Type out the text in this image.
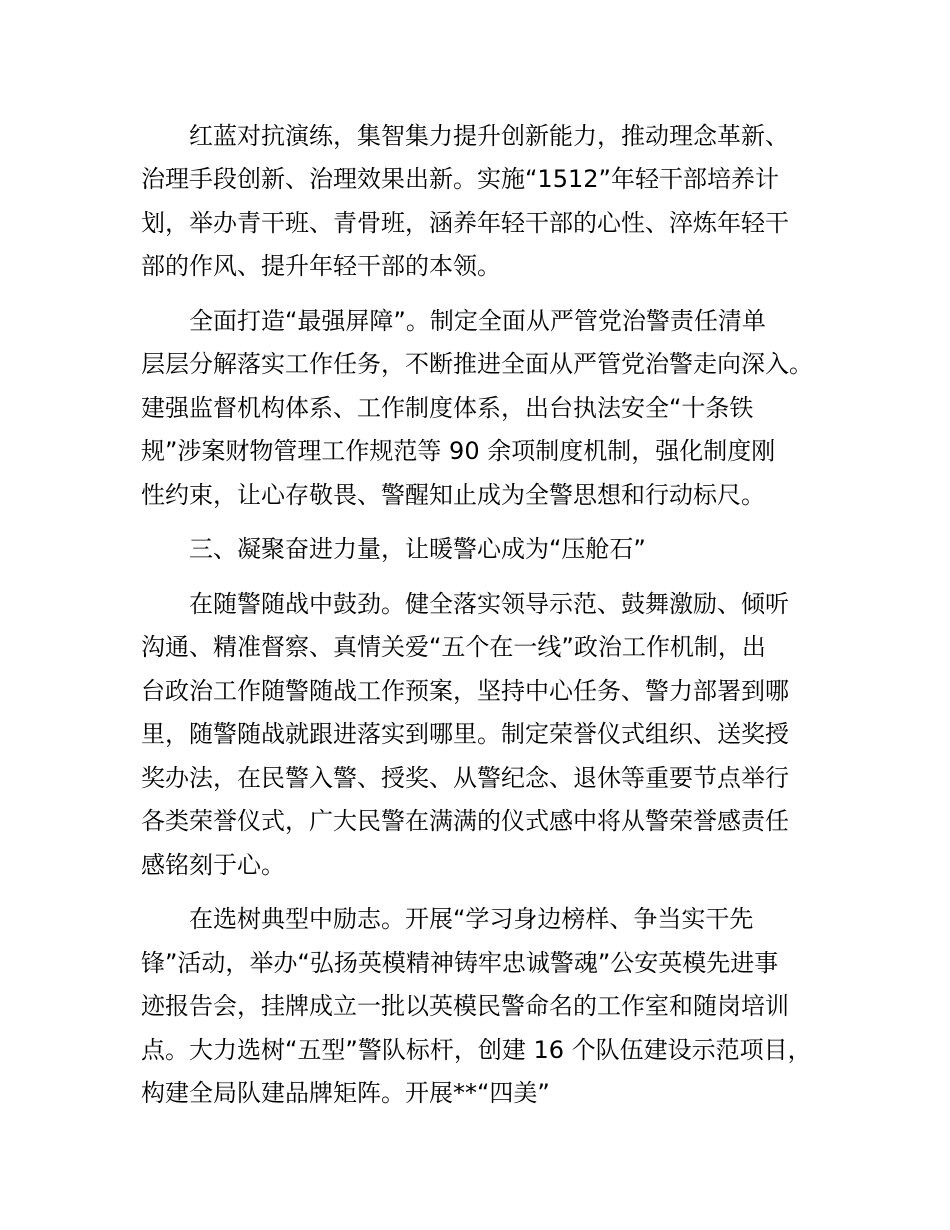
红蓝对抗演练，集智集力提升创新能力，推动理念革新、

治理手段创新、治理效果出新。实施“1512”年轻干部培养计

划，举办青干班、青骨班，涵养年轻干部的心性、淬炼年轻干

部的作风、提升年轻干部的本领。

全面打造“最强屏障”。制定全面从严管党治警责任清单

层层分解落实工作任务，不断推进全面从严管党治警走向深入。

建强监督机构体系、工作制度体系，出台执法安全“十条铁

规”涉案财物管理工作规范等 90 余项制度机制，强化制度刚

性约束，让心存敬畏、警醒知止成为全警思想和行动标尺。

三、凝聚奋进力量，让暖警心成为“压舱石”

在随警随战中鼓劲。健全落实领导示范、鼓舞激励、倾听

沟通、精准督察、真情关爱“五个在一线”政治工作机制，出

台政治工作随警随战工作预案，坚持中心任务、警力部署到哪

里，随警随战就跟进落实到哪里。制定荣誉仪式组织、送奖授

奖办法，在民警入警、授奖、从警纪念、退休等重要节点举行

各类荣誉仪式，广大民警在满满的仪式感中将从警荣誉感责任

感铭刻于心。

在选树典型中励志。开展“学习身边榜样、争当实干先

锋”活动，举办“弘扬英模精神铸牢忠诚警魂”公安英模先进事

迹报告会，挂牌成立一批以英模民警命名的工作室和随岗培训

点。大力选树“五型”警队标杆，创建 16 个队伍建设示范项目，

构建全局队建品牌矩阵。开展**“四美”
